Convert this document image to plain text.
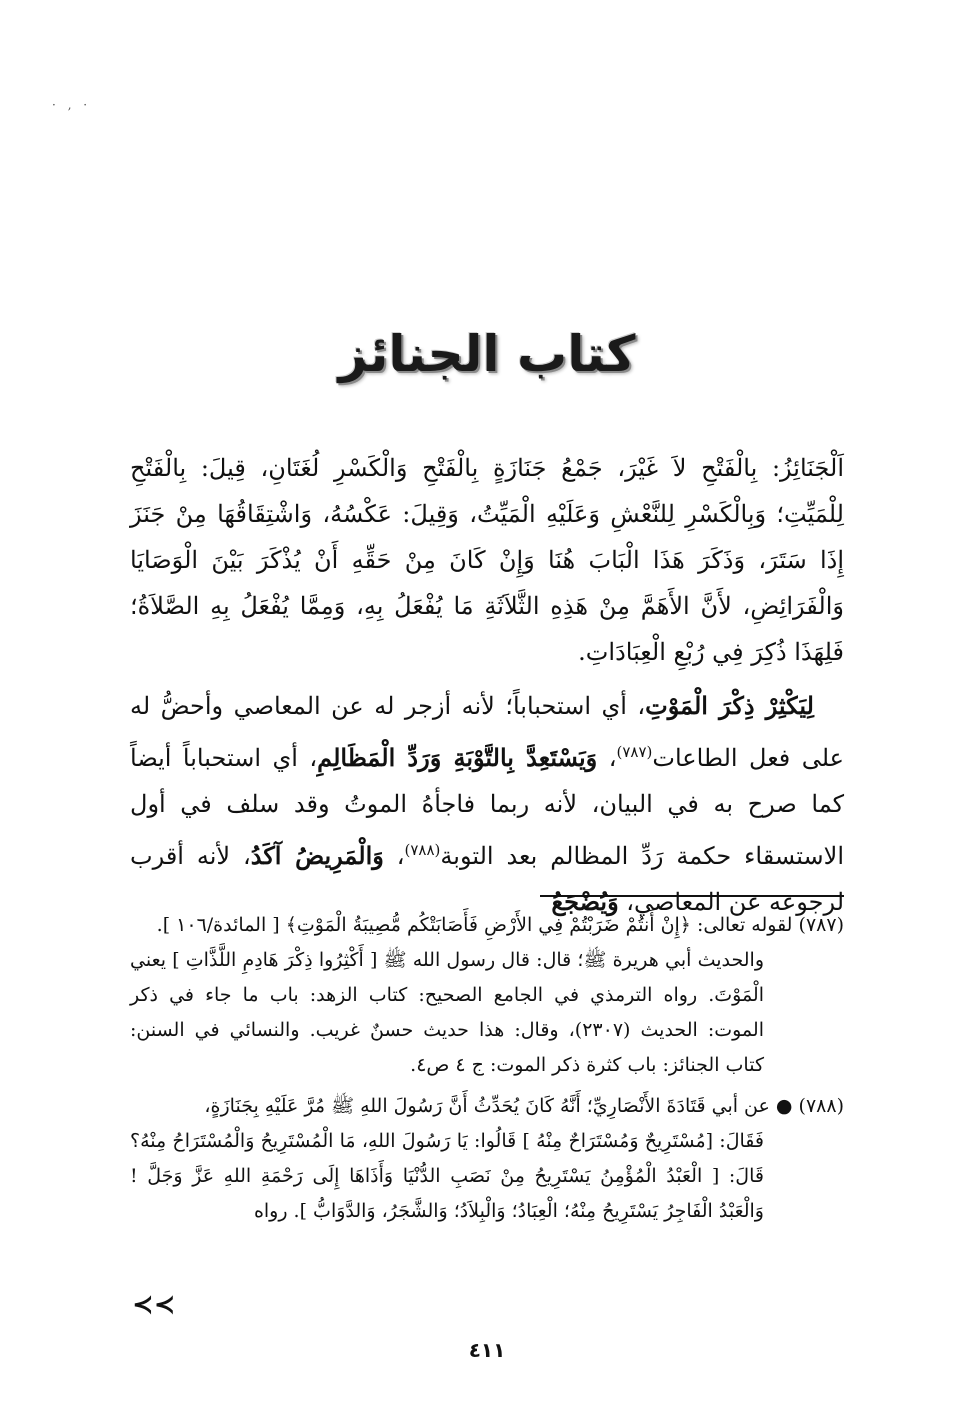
· ‚ ·
كتاب الجنائز

اَلْجَنَائِزُ: بِالْفَتْحِ لاَ غَيْرَ، جَمْعُ جَنَازَةٍ بِالْفَتْحِ وَالْكَسْرِ لُغَتَانِ، قِيلَ: بِالْفَتْحِ لِلْمَيِّتِ؛ وَبِالْكَسْرِ لِلنَّعْشِ وَعَلَيْهِ الْمَيِّتُ، وَقِيلَ: عَكْسُهُ، وَاشْتِقَاقُهَا مِنْ جَنَزَ إِذَا سَتَرَ، وَذَكَرَ هَذَا الْبَابَ هُنَا وَإِنْ كَانَ مِنْ حَقِّهِ أَنْ يُذْكَرَ بَيْنَ الْوَصَايَا وَالْفَرَائِضِ، لأَنَّ الأَهَمَّ مِنْ هَذِهِ الثَّلاَثَةِ مَا يُفْعَلُ بِهِ، وَمِمَّا يُفْعَلُ بِهِ الصَّلاَةُ؛ فَلِهَذَا ذُكِرَ فِي رُبْعِ الْعِبَادَاتِ.

لِيَكْثِرْ ذِكْرَ الْمَوْتِ، أي استحباباً؛ لأنه أزجر له عن المعاصي وأحضُّ له على فعل الطاعات$^{(٧٨٧)}$، وَيَسْتَعِدَّ بِالتَّوْبَةِ وَرَدِّ الْمَظَالِمِ، أي استحباباً أيضاً كما صرح به في البيان، لأنه ربما فاجأهُ الموتُ وقد سلف في أول الاستسقاء حكمة رَدِّ المظالم بعد التوبة$^{(٧٨٨)}$، وَالْمَرِيضُ آكَدُ، لأنه أقرب لرجوعه عن المعاصي، وَيُضْجَعُ

(٧٨٧) لقوله تعالى: ﴿إِنْ أَنتُمْ ضَرَبْتُمْ فِي الأَرْضِ فَأَصَابَتْكُم مُّصِيبَةُ الْمَوْتِ﴾ [ المائدة/١٠٦ ].
والحديث أبي هريرة ﷺ؛ قال: قال رسول الله ﷺ [ أَكْثِرُوا ذِكْرَ هَادِمِ اللَّذَّاتِ ] يعني الْمَوْتَ. رواه الترمذي في الجامع الصحيح: كتاب الزهد: باب ما جاء في ذكر الموت: الحديث (٢٣٠٧)، وقال: هذا حديث حسنٌ غريب. والنسائي في السنن: كتاب الجنائز: باب كثرة ذكر الموت: ج ٤ ص٤.
(٧٨٨) ● عن أبي قَتَادَةَ الأَنْصَارِيِّ؛ أَنَّهُ كَانَ يُحَدِّثُ أَنَّ رَسُولَ اللهِ ﷺ مُرَّ عَلَيْهِ بِجَنَازَةٍ،
فَقَالَ: [مُسْتَرِيحٌ وَمُسْتَرَاحٌ مِنْهُ ] قَالُوا: يَا رَسُولَ اللهِ، مَا الْمُسْتَرِيحُ وَالْمُسْتَرَاحُ مِنْهُ؟ قَالَ: [ الْعَبْدُ الْمُؤْمِنُ يَسْتَرِيحُ مِنْ نَصَبِ الدُّنْيَا وَأَذَاهَا إِلَى رَحْمَةِ اللهِ عَزَّ وَجَلَّ ! وَالْعَبْدُ الْفَاجِرُ يَسْتَرِيحُ مِنْهُ؛ الْعِبَادُ؛ وَالْبِلاَدُ؛ وَالشَّجَرُ، وَالدَّوَابُّ ]. رواه
≺≺
٤١١
